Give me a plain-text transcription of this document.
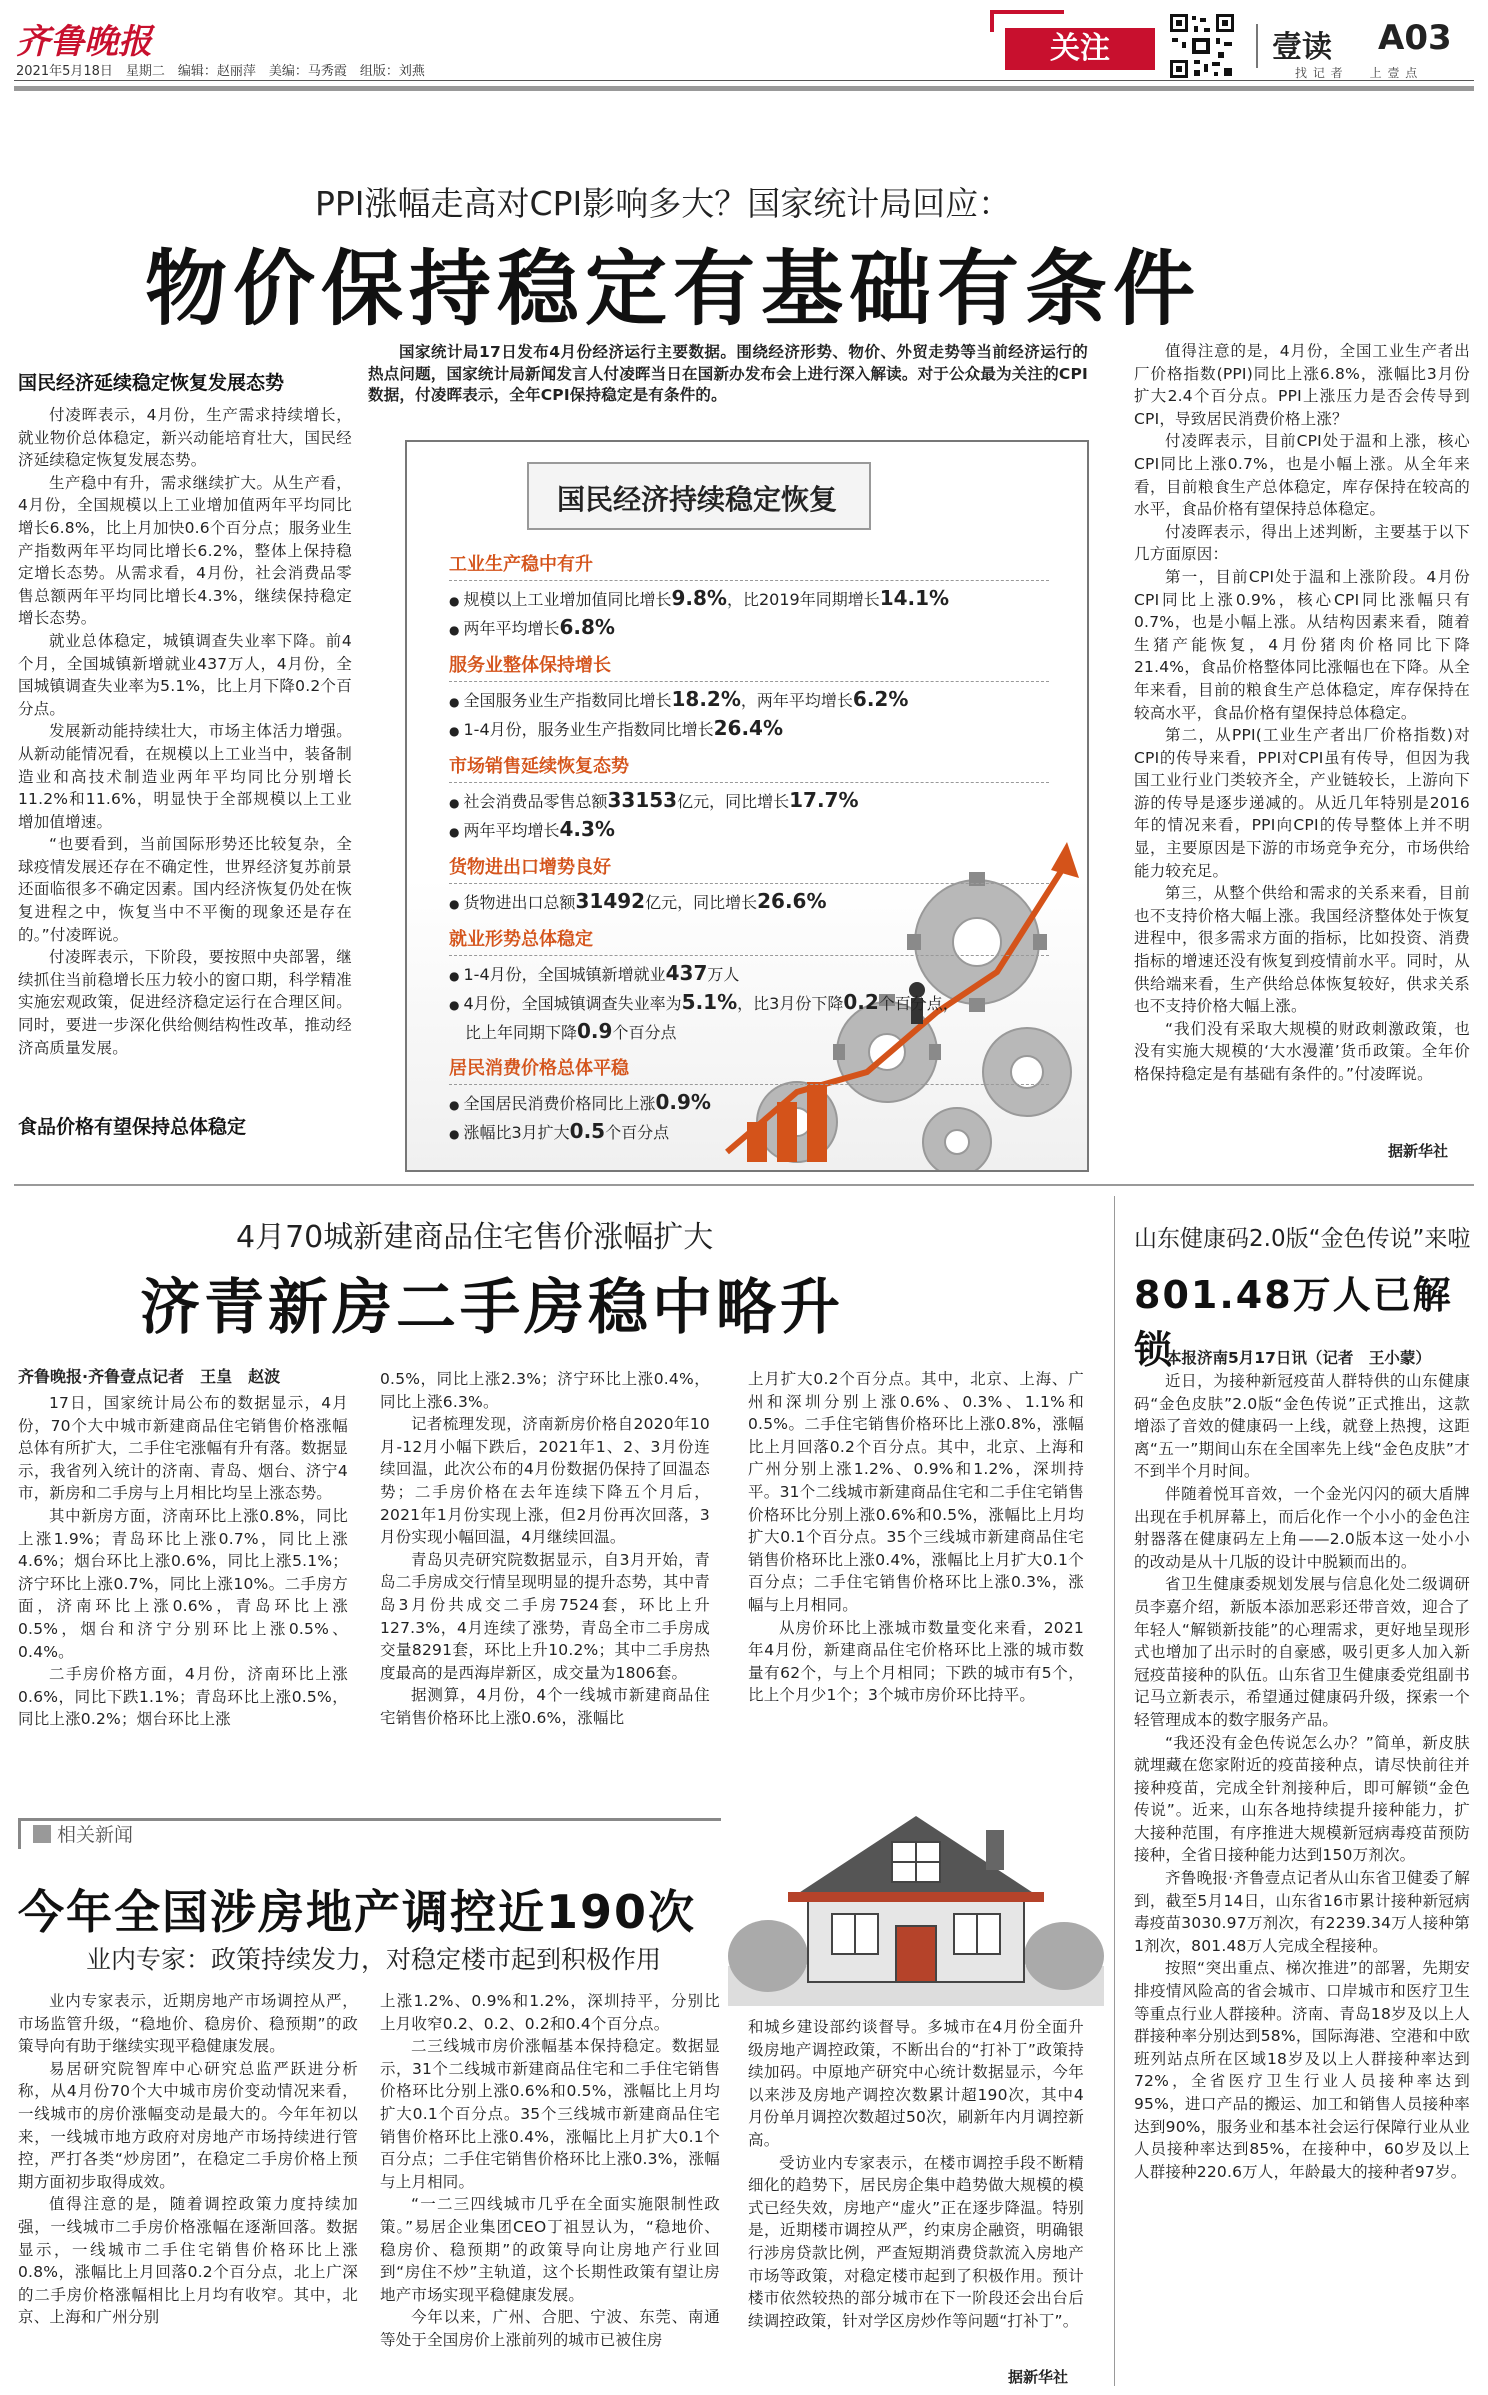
齐鲁晚报
2021年5月18日　星期二　编辑：赵丽萍　美编：马秀霞　组版：刘燕
关注	壹读 A03
找 记 者　　上 壹 点
PPI涨幅走高对CPI影响多大？国家统计局回应：
物价保持稳定有基础有条件
国民经济延续稳定恢复发展态势

付凌晖表示，4月份，生产需求持续增长，就业物价总体稳定，新兴动能培育壮大，国民经济延续稳定恢复发展态势。

生产稳中有升，需求继续扩大。从生产看，4月份，全国规模以上工业增加值两年平均同比增长6.8%，比上月加快0.6个百分点；服务业生产指数两年平均同比增长6.2%，整体上保持稳定增长态势。从需求看，4月份，社会消费品零售总额两年平均同比增长4.3%，继续保持稳定增长态势。

就业总体稳定，城镇调查失业率下降。前4个月，全国城镇新增就业437万人，4月份，全国城镇调查失业率为5.1%，比上月下降0.2个百分点。

发展新动能持续壮大，市场主体活力增强。从新动能情况看，在规模以上工业当中，装备制造业和高技术制造业两年平均同比分别增长11.2%和11.6%，明显快于全部规模以上工业增加值增速。

“也要看到，当前国际形势还比较复杂，全球疫情发展还存在不确定性，世界经济复苏前景还面临很多不确定因素。国内经济恢复仍处在恢复进程之中，恢复当中不平衡的现象还是存在的。”付凌晖说。

付凌晖表示，下阶段，要按照中央部署，继续抓住当前稳增长压力较小的窗口期，科学精准实施宏观政策，促进经济稳定运行在合理区间。同时，要进一步深化供给侧结构性改革，推动经济高质量发展。

食品价格有望保持总体稳定

国家统计局17日发布4月份经济运行主要数据。围绕经济形势、物价、外贸走势等当前经济运行的热点问题，国家统计局新闻发言人付凌晖当日在国新办发布会上进行深入解读。对于公众最为关注的CPI数据，付凌晖表示，全年CPI保持稳定是有条件的。

国民经济持续稳定恢复
工业生产稳中有升
● 规模以上工业增加值同比增长9.8%，比2019年同期增长14.1%
● 两年平均增长6.8%
服务业整体保持增长
● 全国服务业生产指数同比增长18.2%，两年平均增长6.2%
● 1-4月份，服务业生产指数同比增长26.4%
市场销售延续恢复态势
● 社会消费品零售总额33153亿元，同比增长17.7%
● 两年平均增长4.3%
货物进出口增势良好
● 货物进出口总额31492亿元，同比增长26.6%
就业形势总体稳定
● 1-4月份，全国城镇新增就业437万人
● 4月份，全国城镇调查失业率为5.1%，比3月份下降0.2个百分点，
比上年同期下降0.9个百分点
居民消费价格总体平稳
● 全国居民消费价格同比上涨0.9%
● 涨幅比3月扩大0.5个百分点

值得注意的是，4月份，全国工业生产者出厂价格指数(PPI)同比上涨6.8%，涨幅比3月份扩大2.4个百分点。PPI上涨压力是否会传导到CPI，导致居民消费价格上涨？

付凌晖表示，目前CPI处于温和上涨，核心CPI同比上涨0.7%，也是小幅上涨。从全年来看，目前粮食生产总体稳定，库存保持在较高的水平，食品价格有望保持总体稳定。

付凌晖表示，得出上述判断，主要基于以下几方面原因：

第一，目前CPI处于温和上涨阶段。4月份CPI同比上涨0.9%，核心CPI同比涨幅只有0.7%，也是小幅上涨。从结构因素来看，随着生猪产能恢复，4月份猪肉价格同比下降21.4%，食品价格整体同比涨幅也在下降。从全年来看，目前的粮食生产总体稳定，库存保持在较高水平，食品价格有望保持总体稳定。

第二，从PPI(工业生产者出厂价格指数)对CPI的传导来看，PPI对CPI虽有传导，但因为我国工业行业门类较齐全，产业链较长，上游向下游的传导是逐步递减的。从近几年特别是2016年的情况来看，PPI向CPI的传导整体上并不明显，主要原因是下游的市场竞争充分，市场供给能力较充足。

第三，从整个供给和需求的关系来看，目前也不支持价格大幅上涨。我国经济整体处于恢复进程中，很多需求方面的指标，比如投资、消费指标的增速还没有恢复到疫情前水平。同时，从供给端来看，生产供给总体恢复较好，供求关系也不支持价格大幅上涨。

“我们没有采取大规模的财政刺激政策，也没有实施大规模的‘大水漫灌’货币政策。全年价格保持稳定是有基础有条件的。”付凌晖说。

据新华社
4月70城新建商品住宅售价涨幅扩大
济青新房二手房稳中略升
齐鲁晚报·齐鲁壹点记者　王皇　赵波

17日，国家统计局公布的数据显示，4月份，70个大中城市新建商品住宅销售价格涨幅总体有所扩大，二手住宅涨幅有升有落。数据显示，我省列入统计的济南、青岛、烟台、济宁4市，新房和二手房与上月相比均呈上涨态势。

其中新房方面，济南环比上涨0.8%，同比上涨1.9%；青岛环比上涨0.7%，同比上涨4.6%；烟台环比上涨0.6%，同比上涨5.1%；济宁环比上涨0.7%，同比上涨10%。二手房方面，济南环比上涨0.6%，青岛环比上涨0.5%，烟台和济宁分别环比上涨0.5%、0.4%。

二手房价格方面，4月份，济南环比上涨0.6%，同比下跌1.1%；青岛环比上涨0.5%，同比上涨0.2%；烟台环比上涨

0.5%，同比上涨2.3%；济宁环比上涨0.4%，同比上涨6.3%。

记者梳理发现，济南新房价格自2020年10月-12月小幅下跌后，2021年1、2、3月份连续回温，此次公布的4月份数据仍保持了回温态势；二手房价格在去年连续下降五个月后，2021年1月份实现上涨，但2月份再次回落，3月份实现小幅回温，4月继续回温。

青岛贝壳研究院数据显示，自3月开始，青岛二手房成交行情呈现明显的提升态势，其中青岛3月份共成交二手房7524套，环比上升127.3%，4月连续了涨势，青岛全市二手房成交量8291套，环比上升10.2%；其中二手房热度最高的是西海岸新区，成交量为1806套。

据测算，4月份，4个一线城市新建商品住宅销售价格环比上涨0.6%，涨幅比

上月扩大0.2个百分点。其中，北京、上海、广州和深圳分别上涨0.6%、0.3%、1.1%和0.5%。二手住宅销售价格环比上涨0.8%，涨幅比上月回落0.2个百分点。其中，北京、上海和广州分别上涨1.2%、0.9%和1.2%，深圳持平。31个二线城市新建商品住宅和二手住宅销售价格环比分别上涨0.6%和0.5%，涨幅比上月均扩大0.1个百分点。35个三线城市新建商品住宅销售价格环比上涨0.4%，涨幅比上月扩大0.1个百分点；二手住宅销售价格环比上涨0.3%，涨幅与上月相同。

从房价环比上涨城市数量变化来看，2021年4月份，新建商品住宅价格环比上涨的城市数量有62个，与上个月相同；下跌的城市有5个，比上个月少1个；3个城市房价环比持平。

山东健康码2.0版“金色传说”来啦
801.48万人已解锁
本报济南5月17日讯（记者　王小蒙）

近日，为接种新冠疫苗人群特供的山东健康码“金色皮肤”2.0版“金色传说”正式推出，这款增添了音效的健康码一上线，就登上热搜，这距离“五一”期间山东在全国率先上线“金色皮肤”才不到半个月时间。

伴随着悦耳音效，一个金光闪闪的硕大盾牌出现在手机屏幕上，而后化作一个小小的金色注射器落在健康码左上角——2.0版本这一处小小的改动是从十几版的设计中脱颖而出的。

省卫生健康委规划发展与信息化处二级调研员李嘉介绍，新版本添加恶彩还带音效，迎合了年轻人“解锁新技能”的心理需求，更好地呈现形式也增加了出示时的自豪感，吸引更多人加入新冠疫苗接种的队伍。山东省卫生健康委党组副书记马立新表示，希望通过健康码升级，探索一个轻管理成本的数字服务产品。

“我还没有金色传说怎么办？”简单，新皮肤就埋藏在您家附近的疫苗接种点，请尽快前往并接种疫苗，完成全针剂接种后，即可解锁“金色传说”。近来，山东各地持续提升接种能力，扩大接种范围，有序推进大规模新冠病毒疫苗预防接种，全省日接种能力达到150万剂次。

齐鲁晚报·齐鲁壹点记者从山东省卫健委了解到，截至5月14日，山东省16市累计接种新冠病毒疫苗3030.97万剂次，有2239.34万人接种第1剂次，801.48万人完成全程接种。

按照“突出重点、梯次推进”的部署，先期安排疫情风险高的省会城市、口岸城市和医疗卫生等重点行业人群接种。济南、青岛18岁及以上人群接种率分别达到58%，国际海港、空港和中欧班列站点所在区域18岁及以上人群接种率达到72%，全省医疗卫生行业人员接种率达到95%，进口产品的搬运、加工和销售人员接种率达到90%，服务业和基本社会运行保障行业从业人员接种率达到85%，在接种中，60岁及以上人群接种220.6万人，年龄最大的接种者97岁。

相关新闻
今年全国涉房地产调控近190次
业内专家：政策持续发力，对稳定楼市起到积极作用

业内专家表示，近期房地产市场调控从严，市场监管升级，“稳地价、稳房价、稳预期”的政策导向有助于继续实现平稳健康发展。

易居研究院智库中心研究总监严跃进分析称，从4月份70个大中城市房价变动情况来看，一线城市的房价涨幅变动是最大的。今年年初以来，一线城市地方政府对房地产市场持续进行管控，严打各类“炒房团”，在稳定二手房价格上预期方面初步取得成效。

值得注意的是，随着调控政策力度持续加强，一线城市二手房价格涨幅在逐渐回落。数据显示，一线城市二手住宅销售价格环比上涨0.8%，涨幅比上月回落0.2个百分点，北上广深的二手房价格涨幅相比上月均有收窄。其中，北京、上海和广州分别

上涨1.2%、0.9%和1.2%，深圳持平，分别比上月收窄0.2、0.2、0.2和0.4个百分点。

二三线城市房价涨幅基本保持稳定。数据显示，31个二线城市新建商品住宅和二手住宅销售价格环比分别上涨0.6%和0.5%，涨幅比上月均扩大0.1个百分点。35个三线城市新建商品住宅销售价格环比上涨0.4%，涨幅比上月扩大0.1个百分点；二手住宅销售价格环比上涨0.3%，涨幅与上月相同。

“一二三四线城市几乎在全面实施限制性政策。”易居企业集团CEO丁祖昱认为，“稳地价、稳房价、稳预期”的政策导向让房地产行业回到“房住不炒”主轨道，这个长期性政策有望让房地产市场实现平稳健康发展。

今年以来，广州、合肥、宁波、东莞、南通等处于全国房价上涨前列的城市已被住房

和城乡建设部约谈督导。多城市在4月份全面升级房地产调控政策，不断出台的“打补丁”政策持续加码。中原地产研究中心统计数据显示，今年以来涉及房地产调控次数累计超190次，其中4月份单月调控次数超过50次，刷新年内月调控新高。

受访业内专家表示，在楼市调控手段不断精细化的趋势下，居民房企集中趋势做大规模的模式已经失效，房地产“虚火”正在逐步降温。特别是，近期楼市调控从严，约束房企融资，明确银行涉房贷款比例，严查短期消费贷款流入房地产市场等政策，对稳定楼市起到了积极作用。预计楼市依然较热的部分城市在下一阶段还会出台后续调控政策，针对学区房炒作等问题“打补丁”。

据新华社
